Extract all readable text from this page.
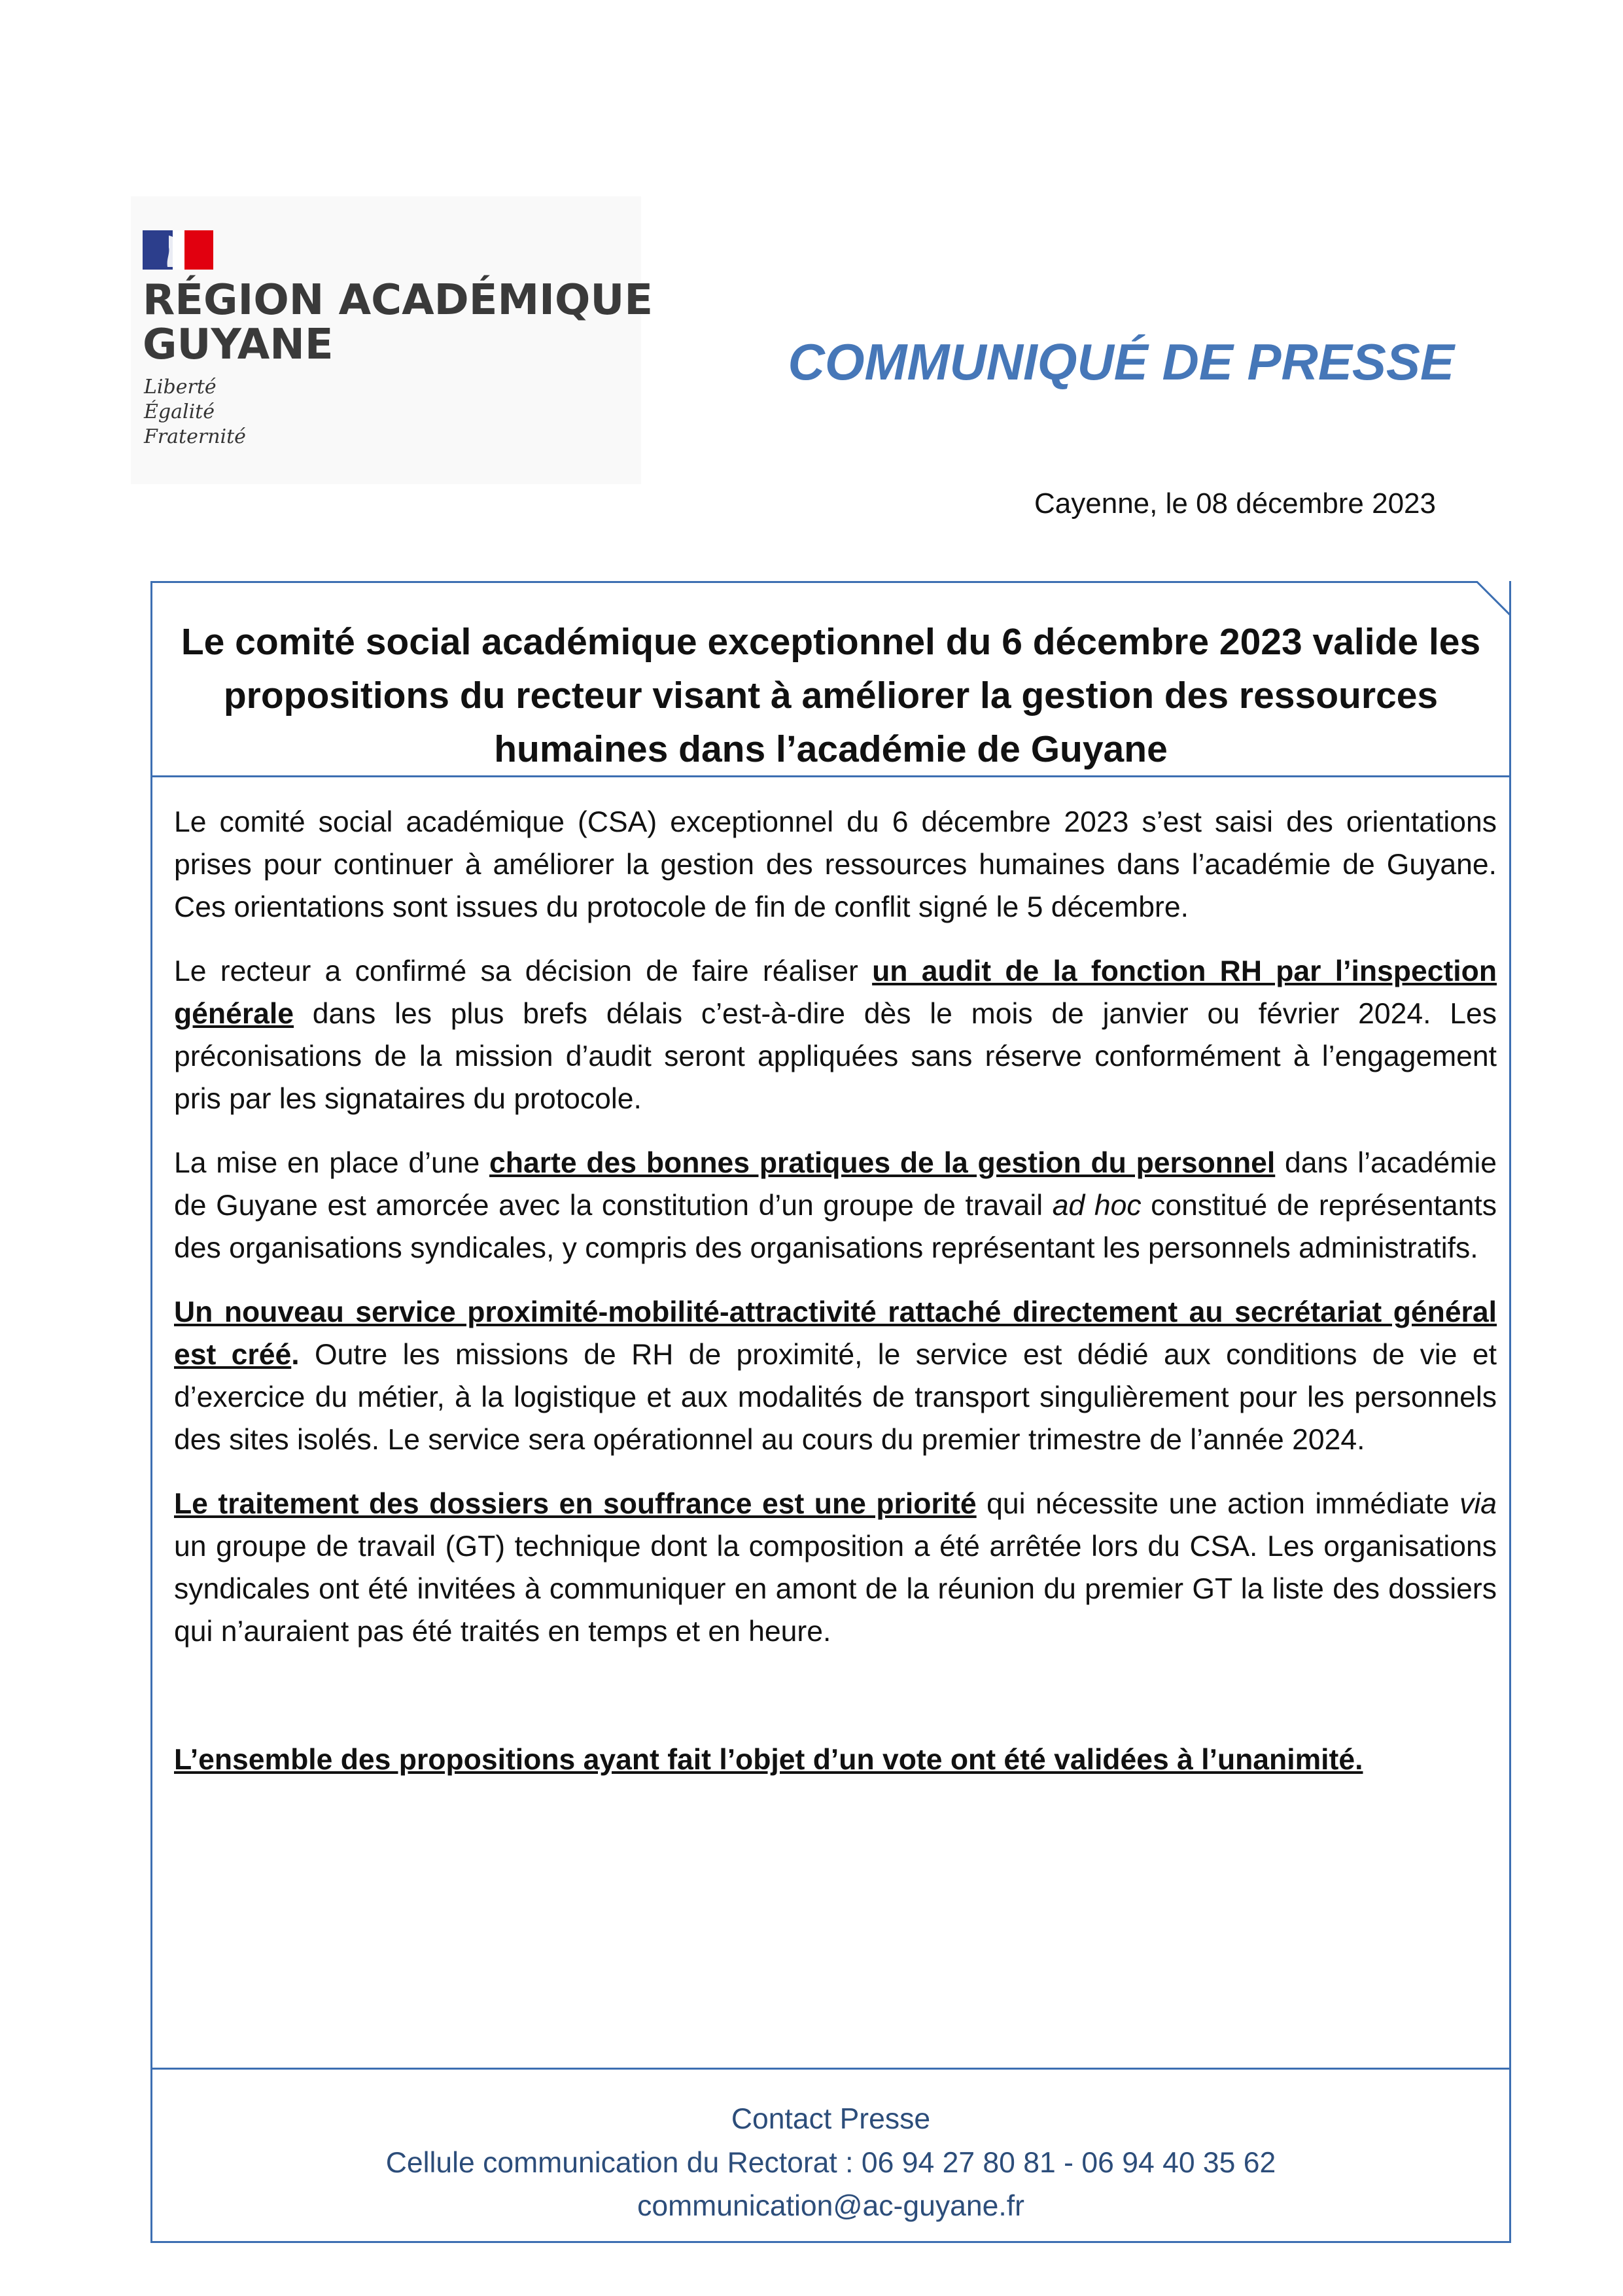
RÉGION ACADÉMIQUE
GUYANE
Liberté
Égalité
Fraternité
COMMUNIQUÉ DE PRESSE
Cayenne, le 08 décembre 2023
Le comité social académique exceptionnel du 6 décembre 2023 valide les propositions du recteur visant à améliorer la gestion des ressources humaines dans l’académie de Guyane

Le comité social académique (CSA) exceptionnel du 6 décembre 2023 s’est saisi des orientations prises pour continuer à améliorer la gestion des ressources humaines dans l’académie de Guyane. Ces orientations sont issues du protocole de fin de conflit signé le 5 décembre.

Le recteur a confirmé sa décision de faire réaliser un audit de la fonction RH par l’inspection générale dans les plus brefs délais c’est-à-dire dès le mois de janvier ou février 2024. Les préconisations de la mission d’audit seront appliquées sans réserve conformément à l’engagement pris par les signataires du protocole.

La mise en place d’une charte des bonnes pratiques de la gestion du personnel dans l’académie de Guyane est amorcée avec la constitution d’un groupe de travail ad hoc constitué de représentants des organisations syndicales, y compris des organisations représentant les personnels administratifs.

Un nouveau service proximité-mobilité-attractivité rattaché directement au secrétariat général est créé. Outre les missions de RH de proximité, le service est dédié aux conditions de vie et d’exercice du métier, à la logistique et aux modalités de transport singulièrement pour les personnels des sites isolés. Le service sera opérationnel au cours du premier trimestre de l’année 2024.

Le traitement des dossiers en souffrance est une priorité qui nécessite une action immédiate via un groupe de travail (GT) technique dont la composition a été arrêtée lors du CSA. Les organisations syndicales ont été invitées à communiquer en amont de la réunion du premier GT la liste des dossiers qui n’auraient pas été traités en temps et en heure.

L’ensemble des propositions ayant fait l’objet d’un vote ont été validées à l’unanimité.
Contact Presse
Cellule communication du Rectorat : 06 94 27 80 81 - 06 94 40 35 62
communication@ac-guyane.fr
